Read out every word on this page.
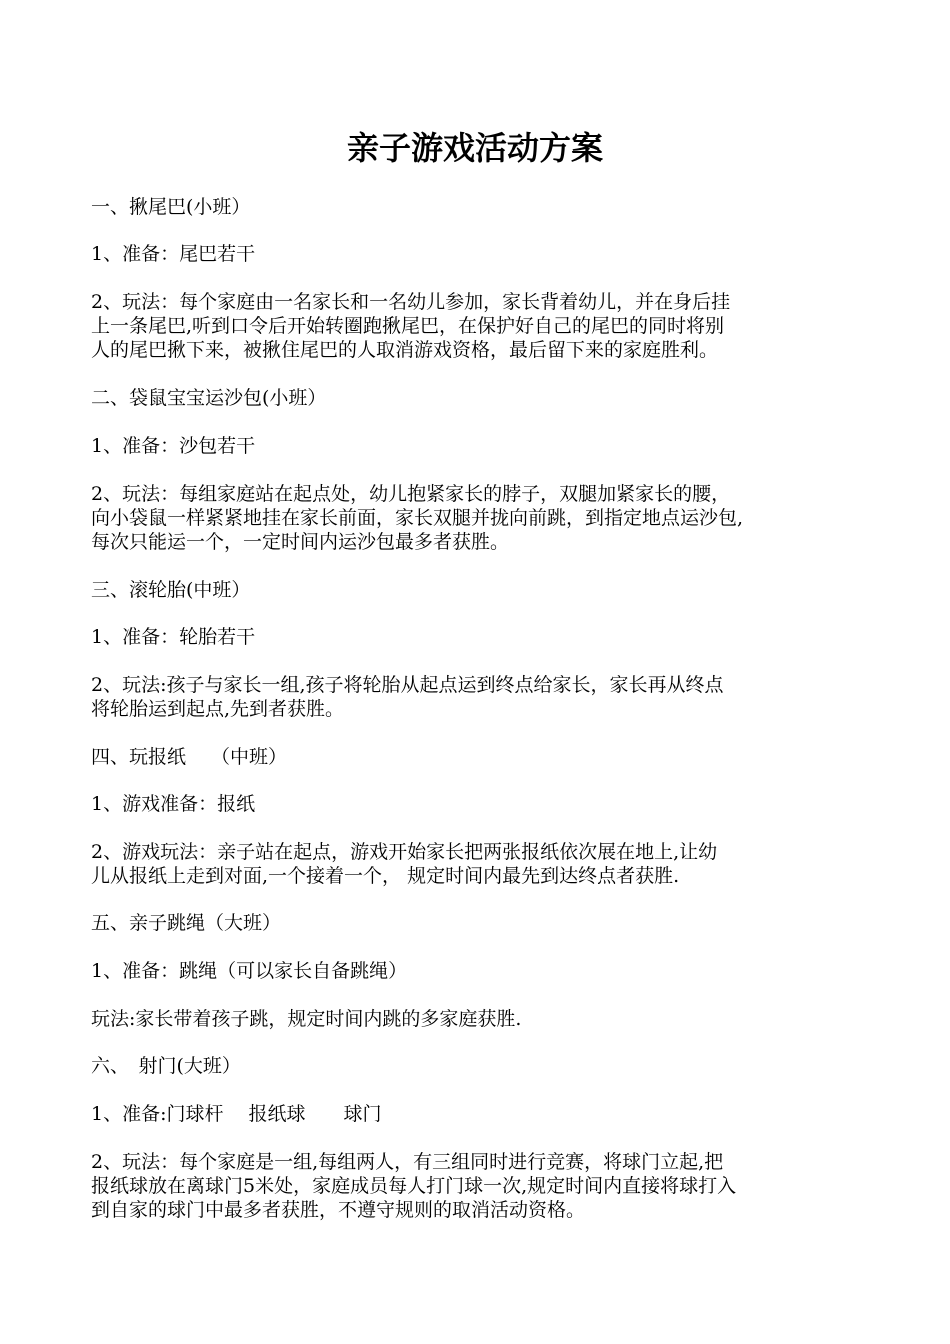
亲子游戏活动方案

一、揪尾巴(小班）

1、准备：尾巴若干

2、玩法：每个家庭由一名家长和一名幼儿参加，家长背着幼儿，并在身后挂
上一条尾巴,听到口令后开始转圈跑揪尾巴，在保护好自己的尾巴的同时将别
人的尾巴揪下来，被揪住尾巴的人取消游戏资格，最后留下来的家庭胜利。

二、袋鼠宝宝运沙包(小班）

1、准备：沙包若干

2、玩法：每组家庭站在起点处，幼儿抱紧家长的脖子，双腿加紧家长的腰，
向小袋鼠一样紧紧地挂在家长前面，家长双腿并拢向前跳，到指定地点运沙包,
每次只能运一个，一定时间内运沙包最多者获胜。

三、滚轮胎(中班）

1、准备：轮胎若干

2、玩法:孩子与家长一组,孩子将轮胎从起点运到终点给家长，家长再从终点
将轮胎运到起点,先到者获胜。

四、玩报纸　 （中班）

1、游戏准备：报纸

2、游戏玩法：亲子站在起点，游戏开始家长把两张报纸依次展在地上,让幼
儿从报纸上走到对面,一个接着一个， 规定时间内最先到达终点者获胜.

五、亲子跳绳（大班）

1、准备：跳绳（可以家长自备跳绳）

玩法:家长带着孩子跳，规定时间内跳的多家庭获胜.

六、　射门(大班）

1、准备:门球杆　 报纸球　　球门

2、玩法：每个家庭是一组,每组两人，有三组同时进行竞赛，将球门立起,把
报纸球放在离球门5米处，家庭成员每人打门球一次,规定时间内直接将球打入
到自家的球门中最多者获胜，不遵守规则的取消活动资格。
